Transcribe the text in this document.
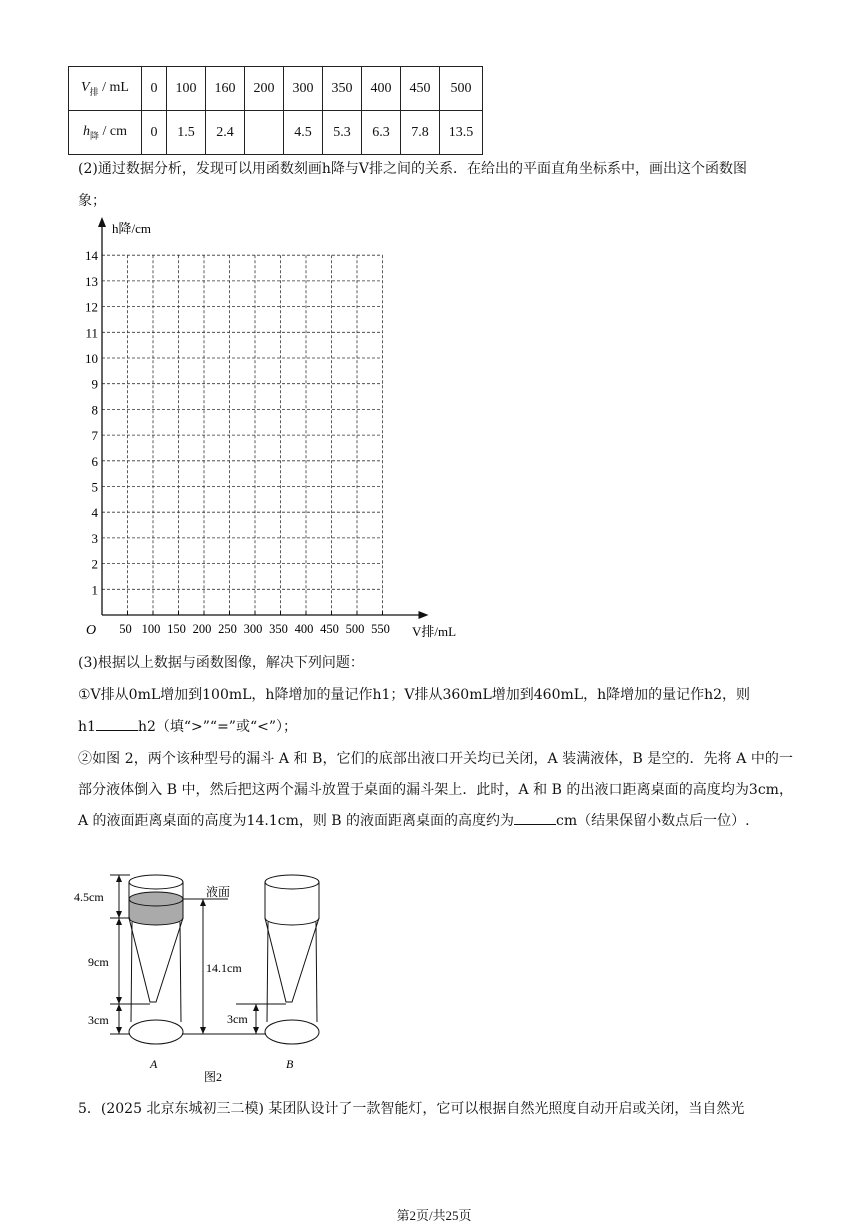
$V_排$ / mL	0	100	160	200	300	350	400	450	500
$h_降$ / cm	0	1.5	2.4		4.5	5.3	6.3	7.8	13.5
(2)通过数据分析，发现可以用函数刻画h降与V排之间的关系．在给出的平面直角坐标系中，画出这个函数图
象；
50 100 150 200 250 300 350 400 450 500 550
1
2
3
4
5
6
7
8
9
10
11
12
13
14
O
h降/cm
V排/mL
(3)根据以上数据与函数图像，解决下列问题：
①V排从0mL增加到100mL，h降增加的量记作h1；V排从360mL增加到460mL，h降增加的量记作h2，则
h1	h2（填“>”“=”或“<”）；
②如图 2，两个该种型号的漏斗 A 和 B，它们的底部出液口开关均已关闭，A 装满液体，B 是空的．先将 A 中的一部分液体倒入 B 中，然后把这两个漏斗放置于桌面的漏斗架上．此时，A 和 B 的出液口距离桌面的高度均为3cm，A 的液面距离桌面的高度为14.1cm，则 B 的液面距离桌面的高度约为	cm（结果保留小数点后一位）.
4.5cm
9cm
3cm
液面
14.1cm
3cm
A	B
图2
5．(2025 北京东城初三二模) 某团队设计了一款智能灯，它可以根据自然光照度自动开启或关闭，当自然光
第2页/共25页
